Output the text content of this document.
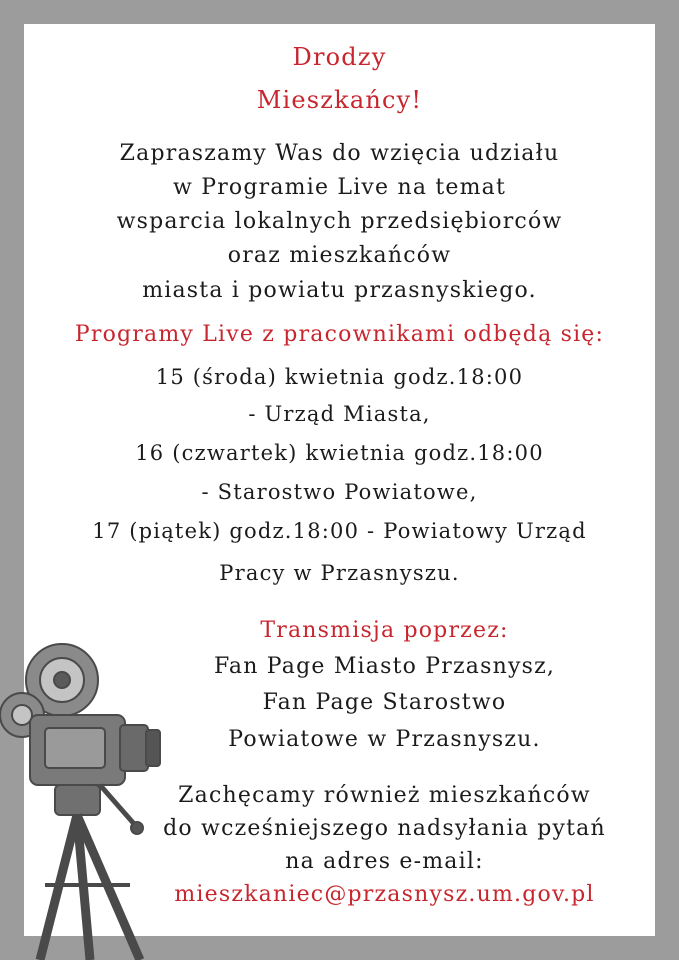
Drodzy
Mieszkańcy!
Zapraszamy Was do wzięcia udziału
w Programie Live na temat
wsparcia lokalnych przedsiębiorców
oraz mieszkańców
miasta i powiatu przasnyskiego.
Programy Live z pracownikami odbędą się:
15 (środa) kwietnia godz.18:00
- Urząd Miasta,
16 (czwartek) kwietnia godz.18:00
- Starostwo Powiatowe,
17 (piątek) godz.18:00 - Powiatowy Urząd
Pracy w Przasnyszu.
Transmisja poprzez:
Fan Page Miasto Przasnysz,
Fan Page Starostwo
Powiatowe w Przasnyszu.
Zachęcamy również mieszkańców
do wcześniejszego nadsyłania pytań
na adres e-mail:
mieszkaniec@przasnysz.um.gov.pl
